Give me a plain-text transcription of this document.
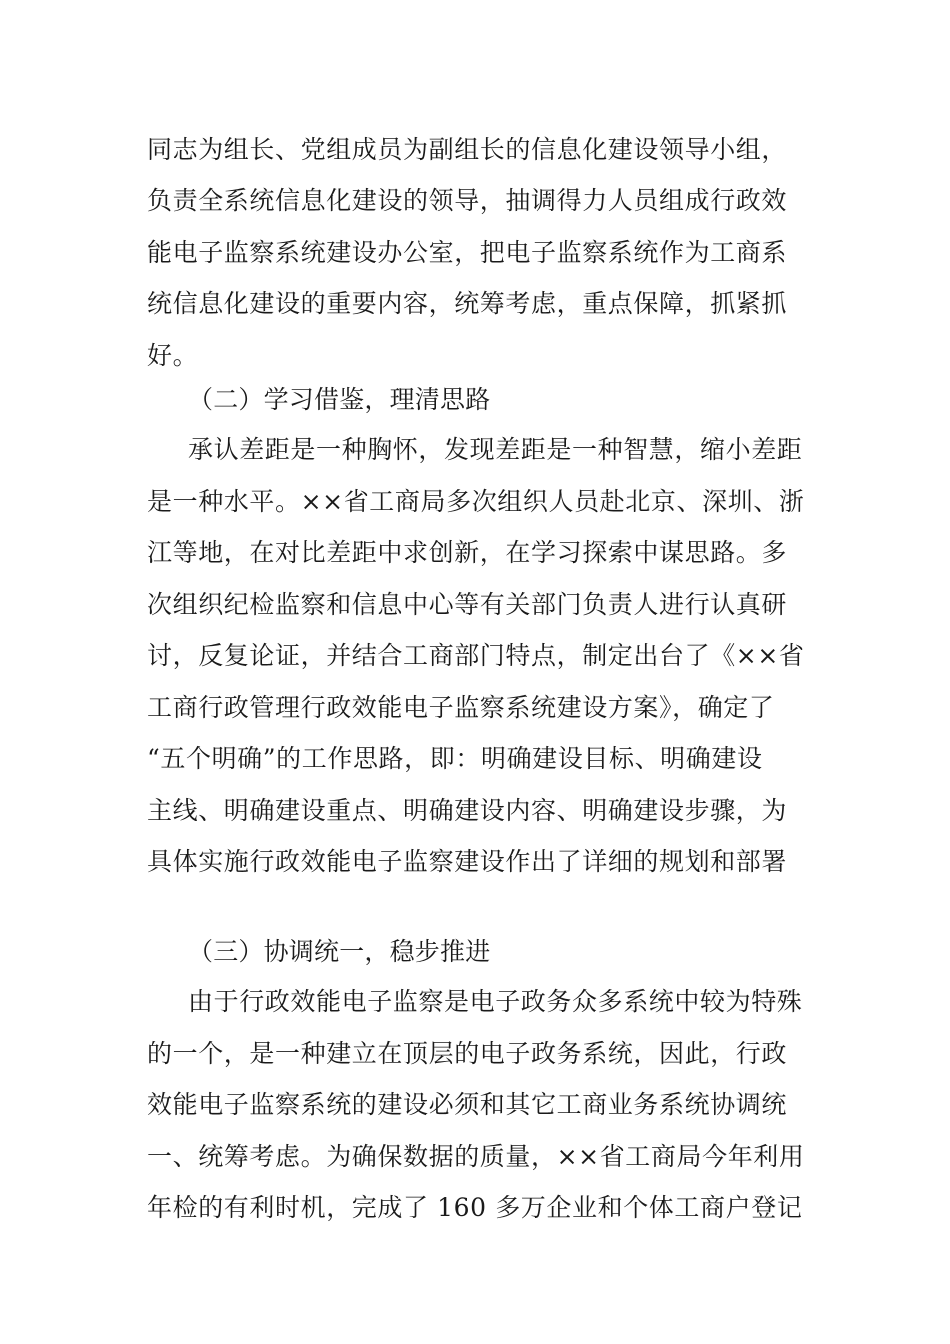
同志为组长、党组成员为副组长的信息化建设领导小组，
负责全系统信息化建设的领导，抽调得力人员组成行政效
能电子监察系统建设办公室，把电子监察系统作为工商系
统信息化建设的重要内容，统筹考虑，重点保障，抓紧抓
好。
（二）学习借鉴，理清思路
承认差距是一种胸怀，发现差距是一种智慧，缩小差距
是一种水平。××省工商局多次组织人员赴北京、深圳、浙
江等地，在对比差距中求创新，在学习探索中谋思路。多
次组织纪检监察和信息中心等有关部门负责人进行认真研
讨，反复论证，并结合工商部门特点，制定出台了《××省
工商行政管理行政效能电子监察系统建设方案》，确定了
“五个明确”的工作思路，即：明确建设目标、明确建设
主线、明确建设重点、明确建设内容、明确建设步骤，为
具体实施行政效能电子监察建设作出了详细的规划和部署
（三）协调统一，稳步推进
由于行政效能电子监察是电子政务众多系统中较为特殊
的一个，是一种建立在顶层的电子政务系统，因此，行政
效能电子监察系统的建设必须和其它工商业务系统协调统
一、统筹考虑。为确保数据的质量，××省工商局今年利用
年检的有利时机，完成了 160 多万企业和个体工商户登记
